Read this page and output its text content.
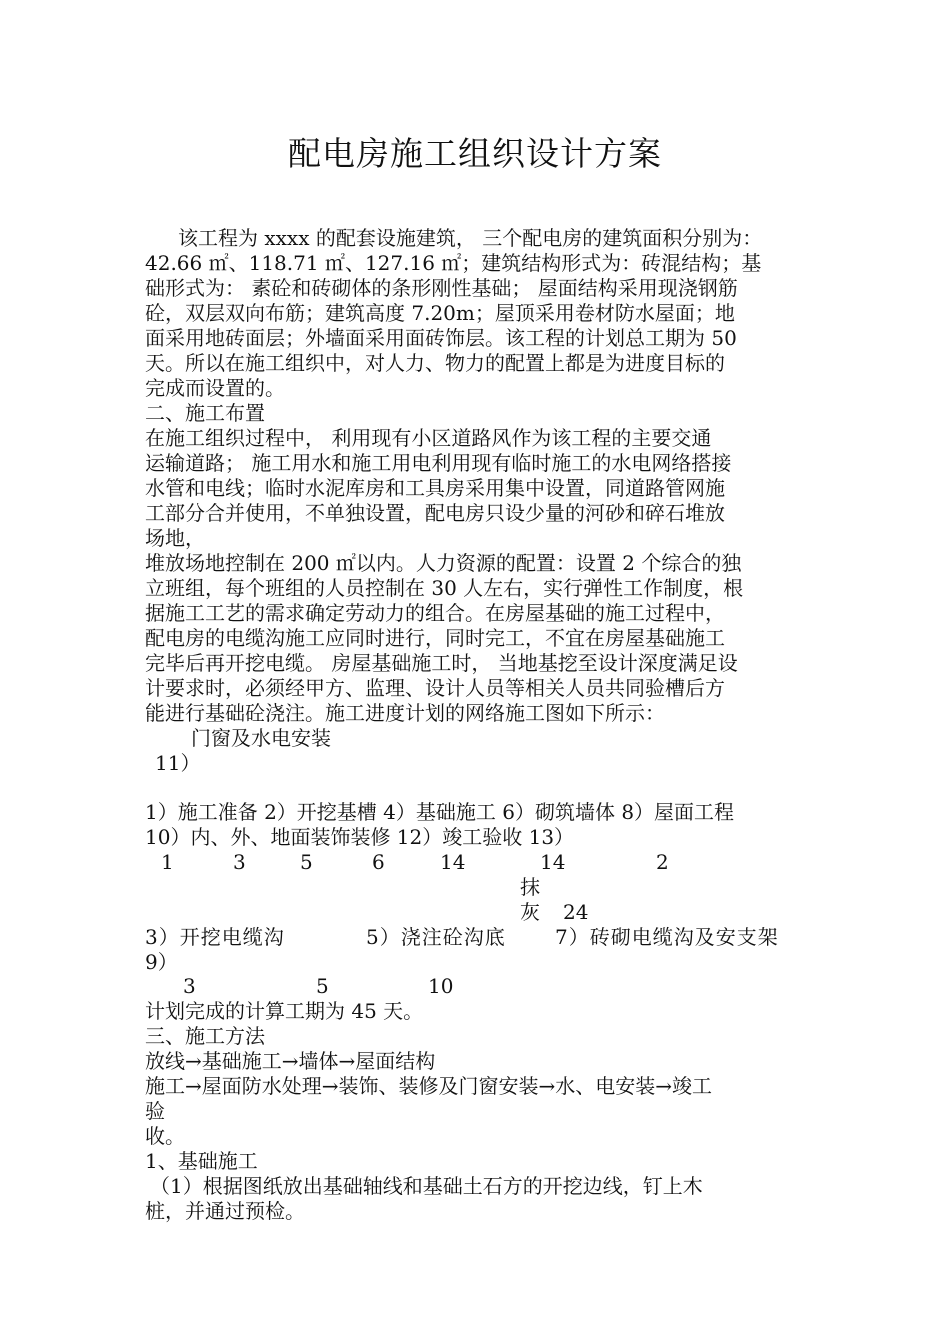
配电房施工组织设计方案
该工程为 xxxx 的配套设施建筑， 三个配电房的建筑面积分别为：
42.66 ㎡、118.71 ㎡、127.16 ㎡；建筑结构形式为：砖混结构；基
础形式为： 素砼和砖砌体的条形刚性基础； 屋面结构采用现浇钢筋
砼，双层双向布筋；建筑高度 7.20m；屋顶采用卷材防水屋面；地
面采用地砖面层；外墙面采用面砖饰层。该工程的计划总工期为 50
天。所以在施工组织中，对人力、物力的配置上都是为进度目标的
完成而设置的。
二、施工布置
在施工组织过程中， 利用现有小区道路风作为该工程的主要交通
运输道路； 施工用水和施工用电利用现有临时施工的水电网络搭接
水管和电线；临时水泥库房和工具房采用集中设置，同道路管网施
工部分合并使用，不单独设置，配电房只设少量的河砂和碎石堆放
场地，
堆放场地控制在 200 ㎡以内。人力资源的配置：设置 2 个综合的独
立班组，每个班组的人员控制在 30 人左右，实行弹性工作制度，根
据施工工艺的需求确定劳动力的组合。在房屋基础的施工过程中，
配电房的电缆沟施工应同时进行，同时完工，不宜在房屋基础施工
完毕后再开挖电缆。 房屋基础施工时， 当地基挖至设计深度满足设
计要求时，必须经甲方、监理、设计人员等相关人员共同验槽后方
能进行基础砼浇注。施工进度计划的网络施工图如下所示：
门窗及水电安装
11）
1）施工准备 2）开挖基槽 4）基础施工 6）砌筑墙体 8）屋面工程
10）内、外、地面装饰装修 12）竣工验收 13）
1	3	5	6	14	14	2
抹
灰 24
3）开挖电缆沟	5）浇注砼沟底 7）砖砌电缆沟及安支架
9）
3	5	10
计划完成的计算工期为 45 天。
三、施工方法
放线→基础施工→墙体→屋面结构
施工→屋面防水处理→装饰、装修及门窗安装→水、电安装→竣工
验
收。
1、基础施工
（1）根据图纸放出基础轴线和基础土石方的开挖边线，钉上木
桩，并通过预检。
